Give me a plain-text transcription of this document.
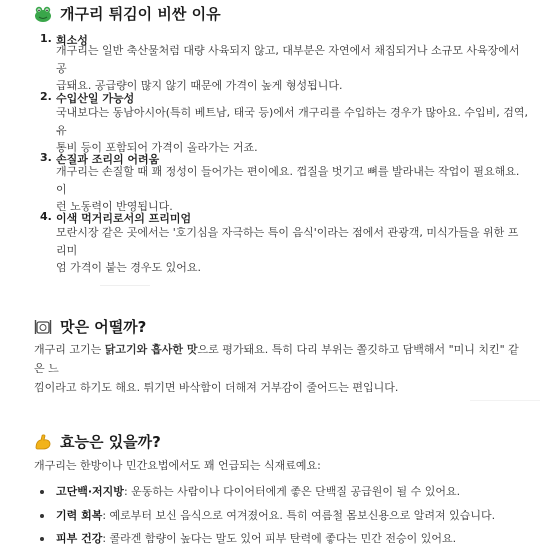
개구리 튀김이 비싼 이유
1. 희소성
개구리는 일반 축산물처럼 대량 사육되지 않고, 대부분은 자연에서 채집되거나 소규모 사육장에서 공
급돼요. 공급량이 많지 않기 때문에 가격이 높게 형성됩니다.
2. 수입산일 가능성
국내보다는 동남아시아(특히 베트남, 태국 등)에서 개구리를 수입하는 경우가 많아요. 수입비, 검역, 유
통비 등이 포함되어 가격이 올라가는 거죠.
3. 손질과 조리의 어려움
개구리는 손질할 때 꽤 정성이 들어가는 편이에요. 껍질을 벗기고 뼈를 발라내는 작업이 필요해요. 이
런 노동력이 반영됩니다.
4. 이색 먹거리로서의 프리미엄
모란시장 같은 곳에서는 '호기심을 자극하는 특이 음식'이라는 점에서 관광객, 미식가들을 위한 프리미
엄 가격이 붙는 경우도 있어요.
맛은 어떨까?
개구리 고기는 닭고기와 흡사한 맛으로 평가돼요. 특히 다리 부위는 쫄깃하고 담백해서 "미니 치킨" 같은 느
낌이라고 하기도 해요. 튀기면 바삭함이 더해져 거부감이 줄어드는 편입니다.
효능은 있을까?
개구리는 한방이나 민간요법에서도 꽤 언급되는 식재료예요:
고단백·저지방: 운동하는 사람이나 다이어터에게 좋은 단백질 공급원이 될 수 있어요.
기력 회복: 예로부터 보신 음식으로 여겨졌어요. 특히 여름철 몸보신용으로 알려져 있습니다.
피부 건강: 콜라겐 함량이 높다는 말도 있어 피부 탄력에 좋다는 민간 전승이 있어요.
